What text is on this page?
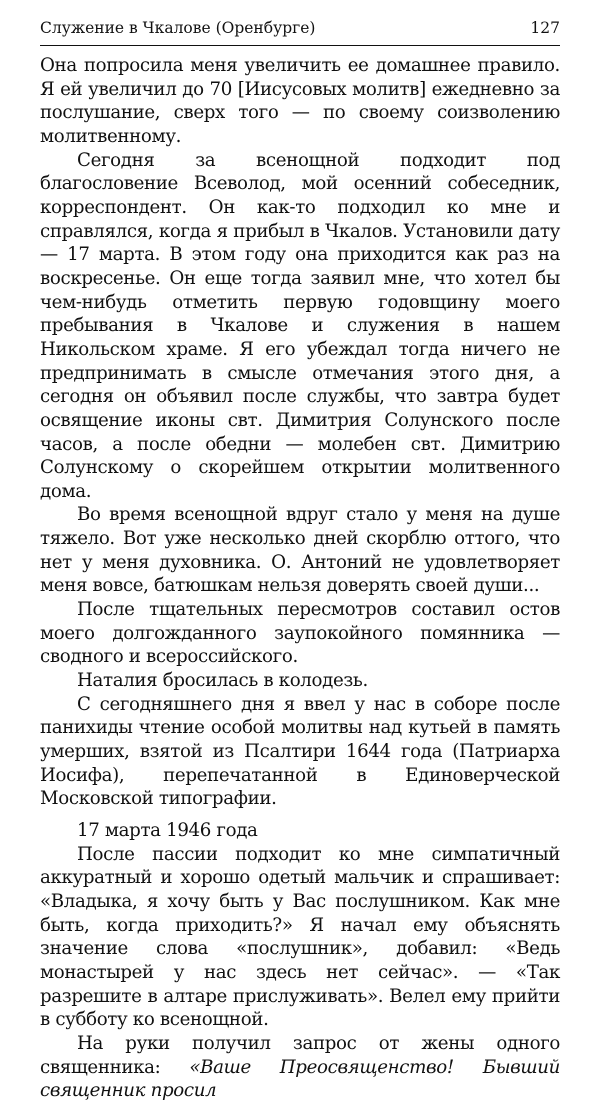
Служение в Чкалове (Оренбурге)	127

Она попросила меня увеличить ее домашнее правило. Я ей увеличил до 70 [Иисусовых молитв] ежедневно за послушание, сверх того — по своему соизволению молитвенному.

Сегодня за всенощной подходит под благословение Всеволод, мой осенний собеседник, корреспондент. Он как-то подходил ко мне и справлялся, когда я прибыл в Чкалов. Установили дату — 17 марта. В этом году она приходится как раз на воскресенье. Он еще тогда заявил мне, что хотел бы чем-нибудь отметить первую годовщину моего пребывания в Чкалове и служения в нашем Никольском храме. Я его убеждал тогда ничего не предпринимать в смысле отмечания этого дня, а сегодня он объявил после службы, что завтра будет освящение иконы свт. Димитрия Солунского после часов, а после обедни — молебен свт. Димитрию Солунскому о скорейшем открытии молитвенного дома.

Во время всенощной вдруг стало у меня на душе тяжело. Вот уже несколько дней скорблю оттого, что нет у меня духовника. О. Антоний не удовлетворяет меня вовсе, батюшкам нельзя доверять своей души...

После тщательных пересмотров составил остов моего долгожданного заупокойного помянника — сводного и всероссийского.

Наталия бросилась в колодезь.

С сегодняшнего дня я ввел у нас в соборе после панихиды чтение особой молитвы над кутьей в память умерших, взятой из Псалтири 1644 года (Патриарха Иосифа), перепечатанной в Единоверческой Московской типографии.

17 марта 1946 года

После пассии подходит ко мне симпатичный аккуратный и хорошо одетый мальчик и спрашивает: «Владыка, я хочу быть у Вас послушником. Как мне быть, когда приходить?» Я начал ему объяснять значение слова «послушник», добавил: «Ведь монастырей у нас здесь нет сейчас». — «Так разрешите в алтаре прислуживать». Велел ему прийти в субботу ко всенощной.

На руки получил запрос от жены одного священника: «Ваше Преосвященство! Бывший священник просил
